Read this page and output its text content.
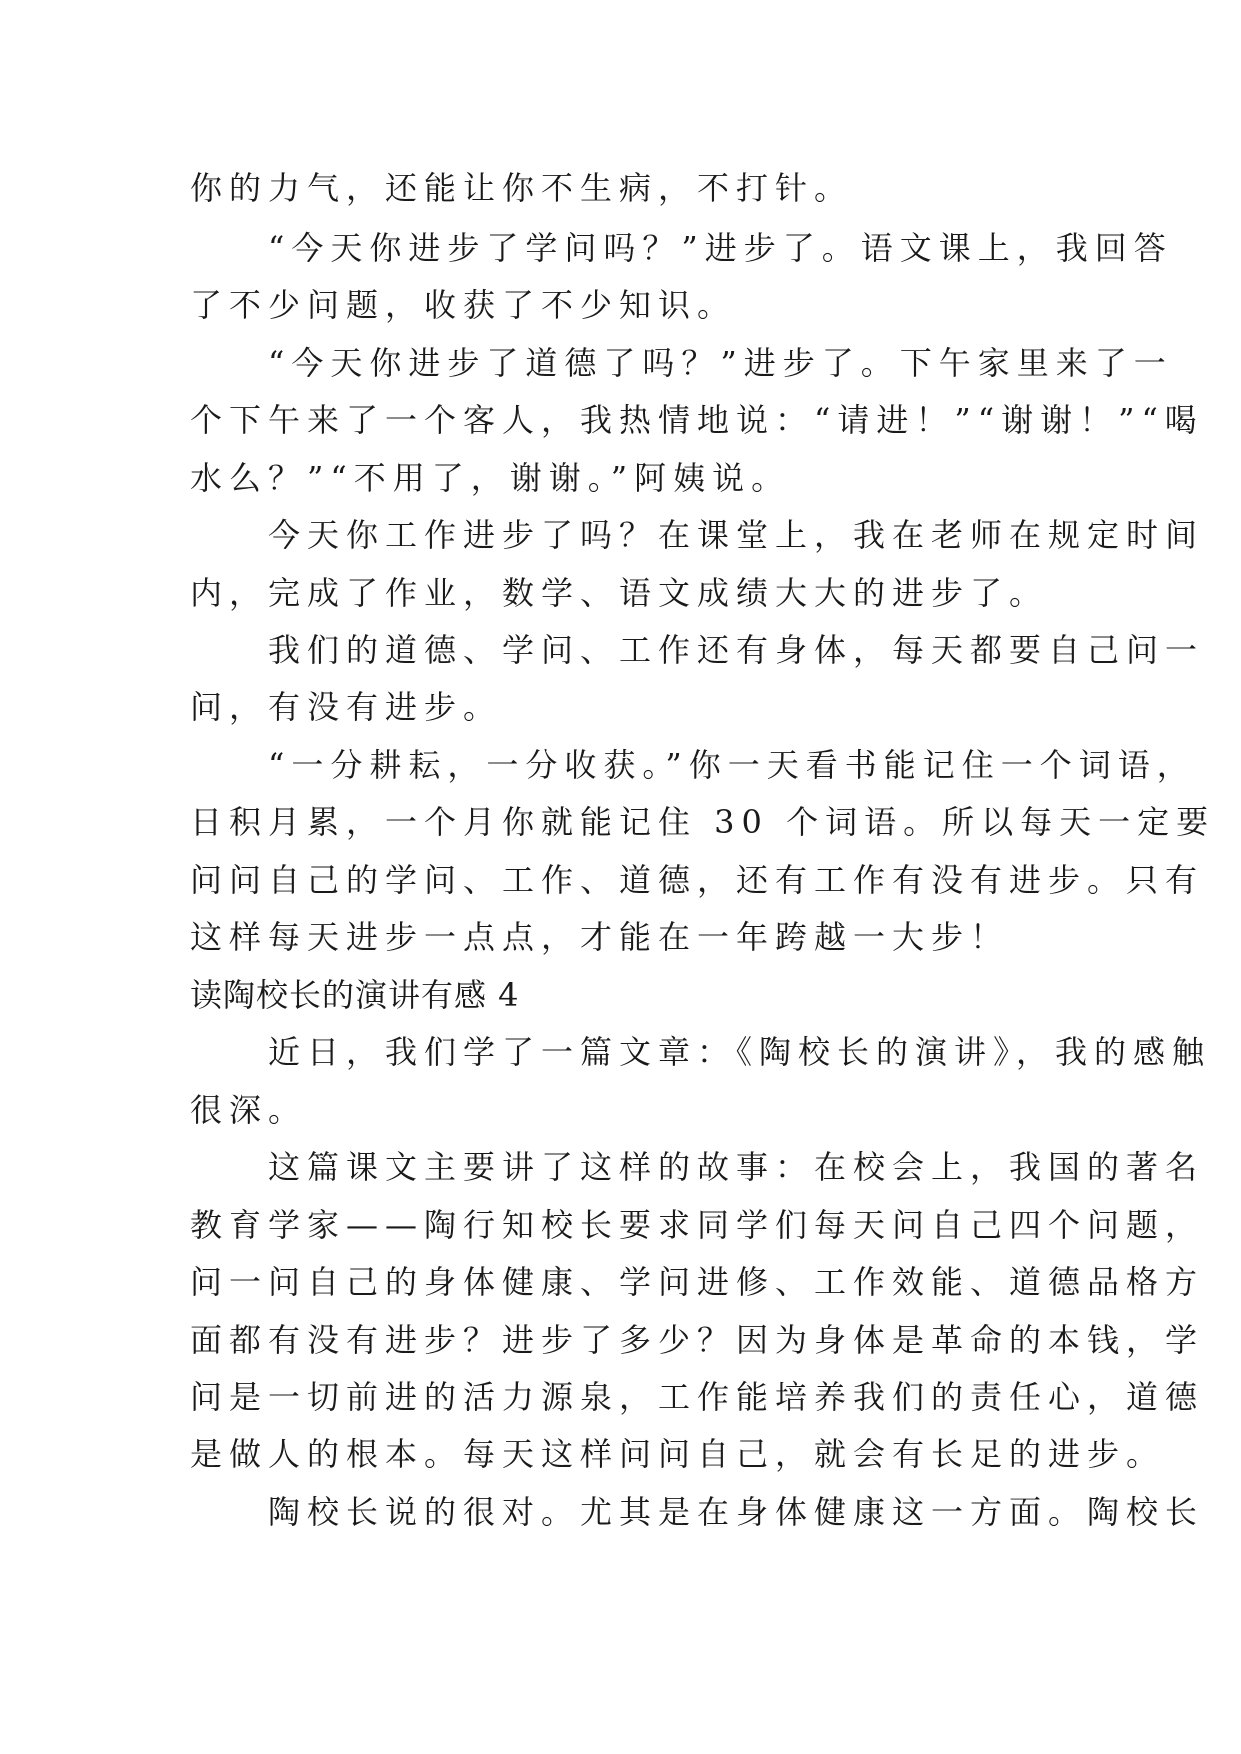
你的力气，还能让你不生病，不打针。
　　“今天你进步了学问吗？”进步了。语文课上，我回答
了不少问题，收获了不少知识。
　　“今天你进步了道德了吗？”进步了。下午家里来了一
个下午来了一个客人，我热情地说：“请进！”“谢谢！”“喝
水么？”“不用了，谢谢。”阿姨说。
　　今天你工作进步了吗？在课堂上，我在老师在规定时间
内，完成了作业，数学、语文成绩大大的进步了。
　　我们的道德、学问、工作还有身体，每天都要自己问一
问，有没有进步。
　　“一分耕耘，一分收获。”你一天看书能记住一个词语，
日积月累，一个月你就能记住 30 个词语。所以每天一定要
问问自己的学问、工作、道德，还有工作有没有进步。只有
这样每天进步一点点，才能在一年跨越一大步！
读陶校长的演讲有感 4
　　近日，我们学了一篇文章：《陶校长的演讲》，我的感触
很深。
　　这篇课文主要讲了这样的故事：在校会上，我国的著名
教育学家——陶行知校长要求同学们每天问自己四个问题，
问一问自己的身体健康、学问进修、工作效能、道德品格方
面都有没有进步？进步了多少？因为身体是革命的本钱，学
问是一切前进的活力源泉，工作能培养我们的责任心，道德
是做人的根本。每天这样问问自己，就会有长足的进步。
　　陶校长说的很对。尤其是在身体健康这一方面。陶校长
